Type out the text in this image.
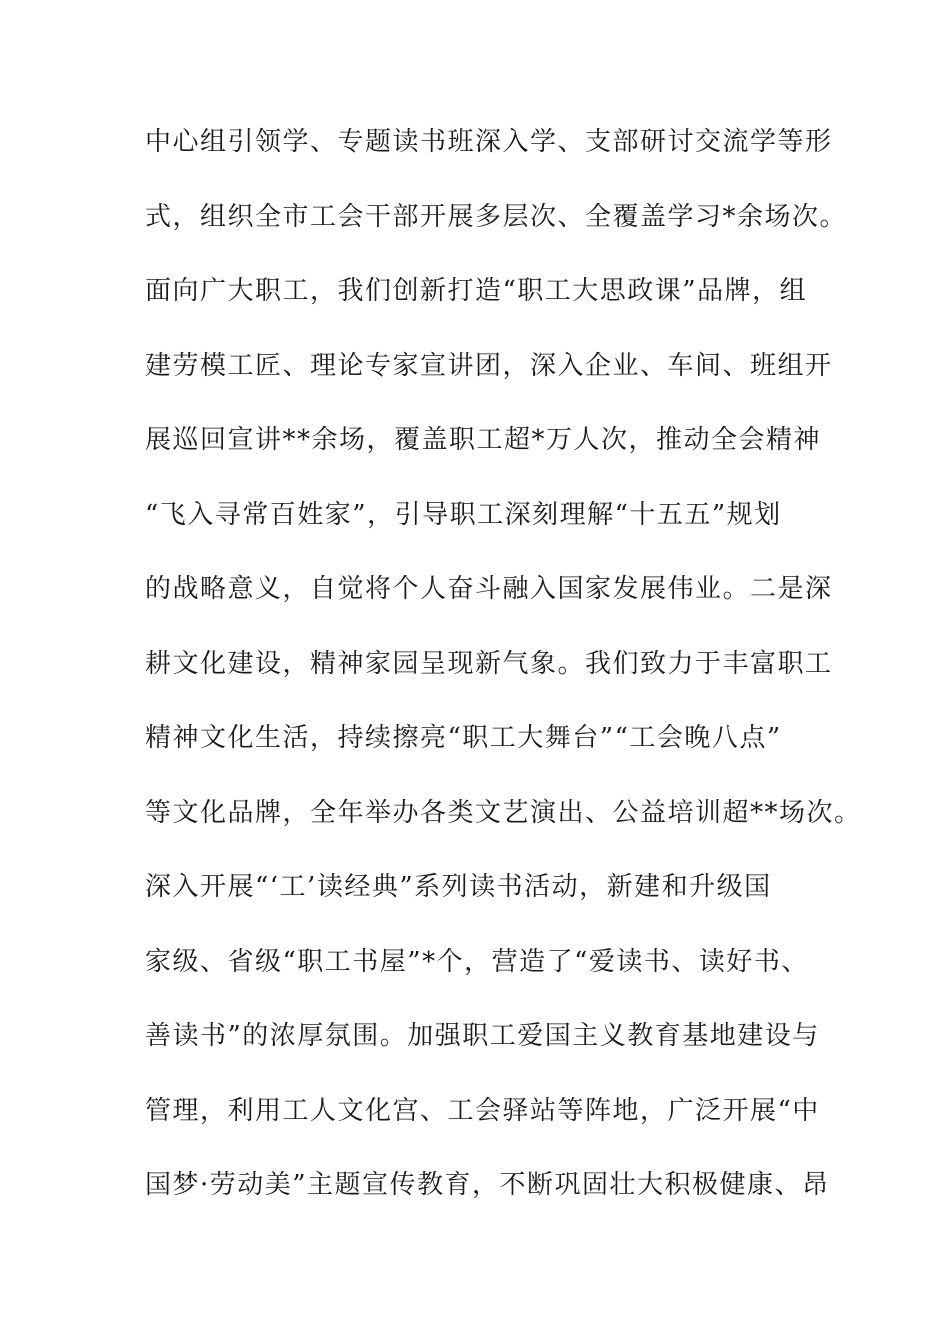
中心组引领学、专题读书班深入学、支部研讨交流学等形
式，组织全市工会干部开展多层次、全覆盖学习*余场次。
面向广大职工，我们创新打造“职工大思政课”品牌，组
建劳模工匠、理论专家宣讲团，深入企业、车间、班组开
展巡回宣讲**余场，覆盖职工超*万人次，推动全会精神
“飞入寻常百姓家”，引导职工深刻理解“十五五”规划
的战略意义，自觉将个人奋斗融入国家发展伟业。二是深
耕文化建设，精神家园呈现新气象。我们致力于丰富职工
精神文化生活，持续擦亮“职工大舞台”“工会晚八点”
等文化品牌，全年举办各类文艺演出、公益培训超**场次。
深入开展“‘工’读经典”系列读书活动，新建和升级国
家级、省级“职工书屋”*个，营造了“爱读书、读好书、
善读书”的浓厚氛围。加强职工爱国主义教育基地建设与
管理，利用工人文化宫、工会驿站等阵地，广泛开展“中
国梦·劳动美”主题宣传教育，不断巩固壮大积极健康、昂
